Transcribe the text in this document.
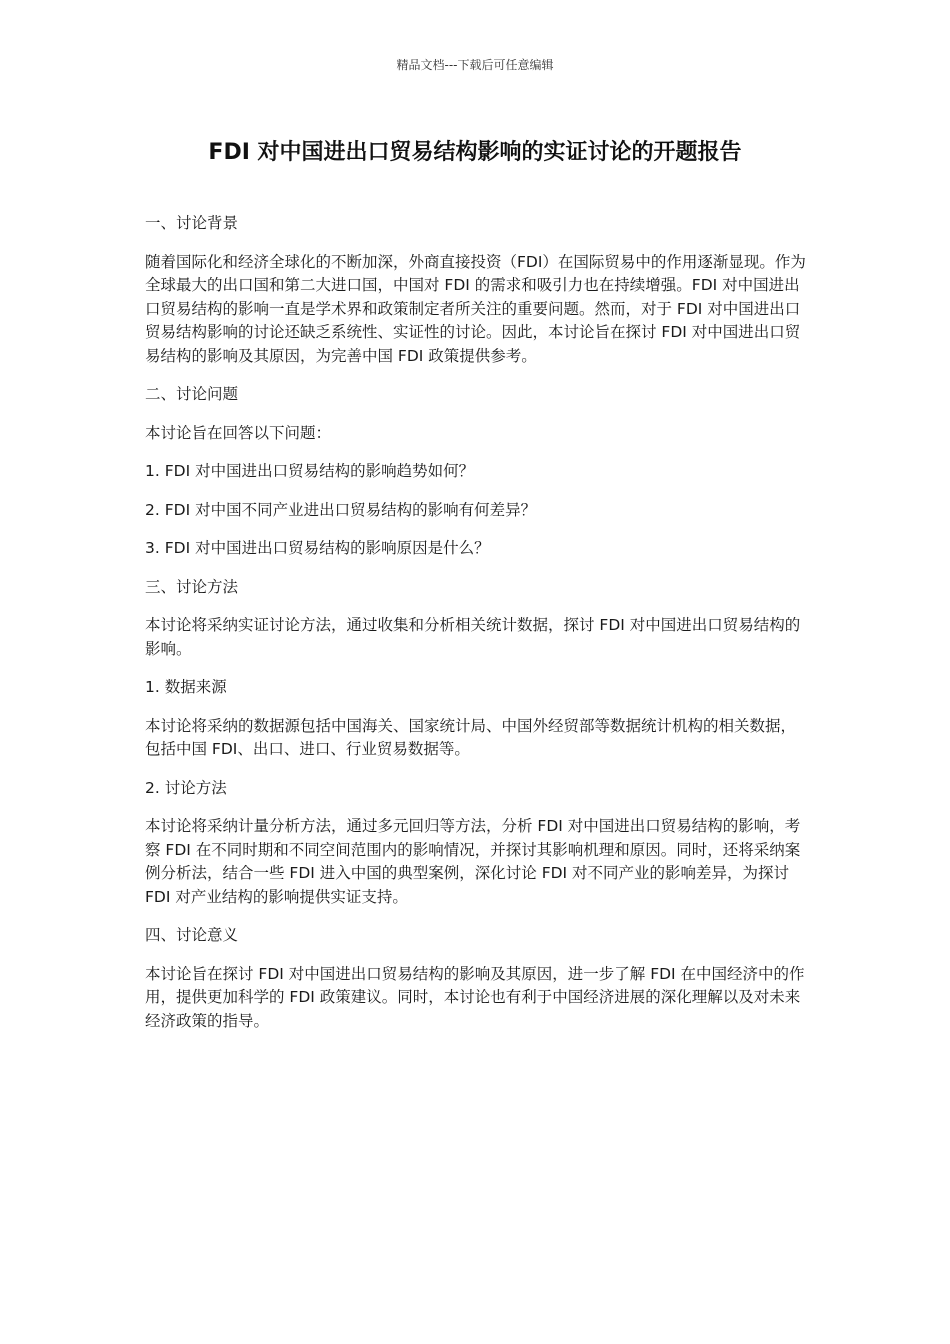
精品文档---下载后可任意编辑
FDI 对中国进出口贸易结构影响的实证讨论的开题报告

一、讨论背景

随着国际化和经济全球化的不断加深，外商直接投资（FDI）在国际贸易中的作用逐渐显现。作为全球最大的出口国和第二大进口国，中国对 FDI 的需求和吸引力也在持续增强。FDI 对中国进出口贸易结构的影响一直是学术界和政策制定者所关注的重要问题。然而，对于 FDI 对中国进出口贸易结构影响的讨论还缺乏系统性、实证性的讨论。因此，本讨论旨在探讨 FDI 对中国进出口贸易结构的影响及其原因，为完善中国 FDI 政策提供参考。

二、讨论问题

本讨论旨在回答以下问题：

1. FDI 对中国进出口贸易结构的影响趋势如何？

2. FDI 对中国不同产业进出口贸易结构的影响有何差异？

3. FDI 对中国进出口贸易结构的影响原因是什么？

三、讨论方法

本讨论将采纳实证讨论方法，通过收集和分析相关统计数据，探讨 FDI 对中国进出口贸易结构的影响。

1. 数据来源

本讨论将采纳的数据源包括中国海关、国家统计局、中国外经贸部等数据统计机构的相关数据，包括中国 FDI、出口、进口、行业贸易数据等。

2. 讨论方法

本讨论将采纳计量分析方法，通过多元回归等方法，分析 FDI 对中国进出口贸易结构的影响，考察 FDI 在不同时期和不同空间范围内的影响情况，并探讨其影响机理和原因。同时，还将采纳案例分析法，结合一些 FDI 进入中国的典型案例，深化讨论 FDI 对不同产业的影响差异，为探讨 FDI 对产业结构的影响提供实证支持。

四、讨论意义

本讨论旨在探讨 FDI 对中国进出口贸易结构的影响及其原因，进一步了解 FDI 在中国经济中的作用，提供更加科学的 FDI 政策建议。同时，本讨论也有利于中国经济进展的深化理解以及对未来经济政策的指导。
